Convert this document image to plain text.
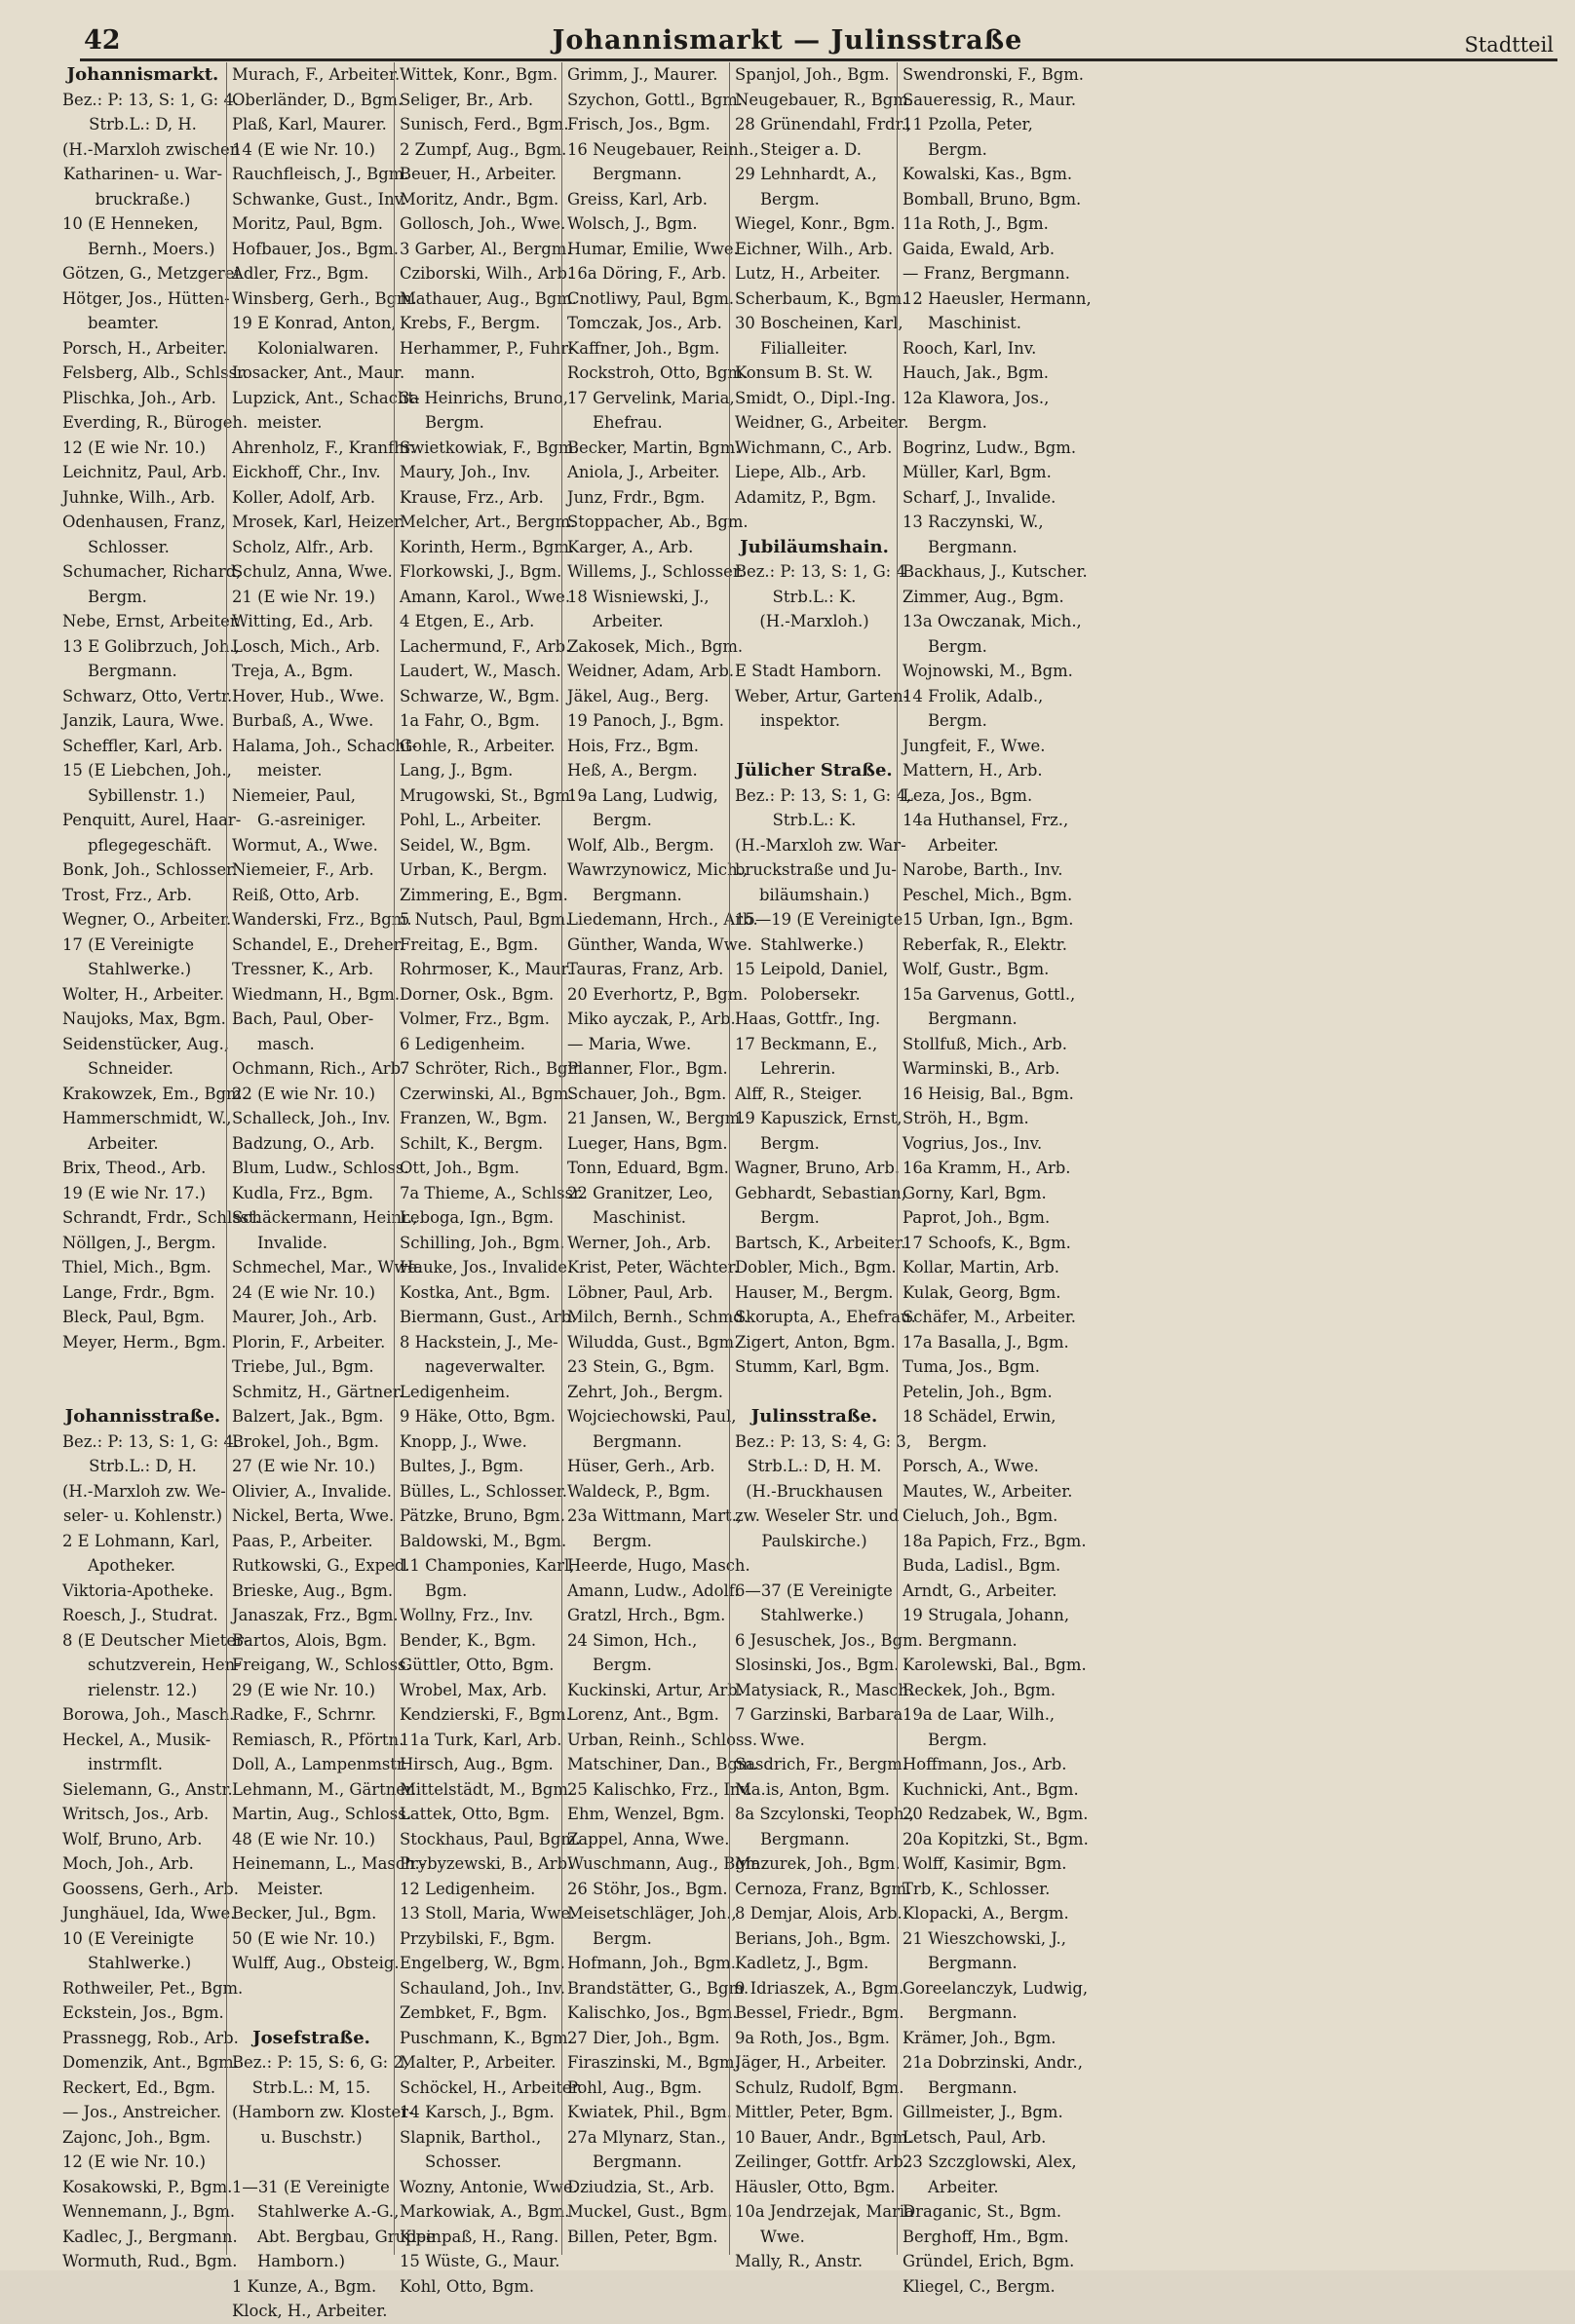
42	Johannismarkt — Julinsstraße	Stadtteil
Johannismarkt.
Bez.: P: 13, S: 1, G: 4.
Strb.L.: D, H.
(H.-Marxloh zwischen
Katharinen- u. War-
bruckraße.)
10 (E Henneken,
Bernh., Moers.)
Götzen, G., Metzgerei
Hötger, Jos., Hütten-
beamter.
Porsch, H., Arbeiter.
Felsberg, Alb., Schlssr.
Plischka, Joh., Arb.
Everding, R., Bürogeh.
12 (E wie Nr. 10.)
Leichnitz, Paul, Arb.
Juhnke, Wilh., Arb.
Odenhausen, Franz,
Schlosser.
Schumacher, Richard,
Bergm.
Nebe, Ernst, Arbeiter.
13 E Golibrzuch, Joh.,
Bergmann.
Schwarz, Otto, Vertr.
Janzik, Laura, Wwe.
Scheffler, Karl, Arb.
15 (E Liebchen, Joh.,
Sybillenstr. 1.)
Penquitt, Aurel, Haar-
pflegegeschäft.
Bonk, Joh., Schlosser.
Trost, Frz., Arb.
Wegner, O., Arbeiter.
17 (E Vereinigte
Stahlwerke.)
Wolter, H., Arbeiter.
Naujoks, Max, Bgm.
Seidenstücker, Aug.,
Schneider.
Krakowzek, Em., Bgm.
Hammerschmidt, W.,
Arbeiter.
Brix, Theod., Arb.
19 (E wie Nr. 17.)
Schrandt, Frdr., Schlsst.
Nöllgen, J., Bergm.
Thiel, Mich., Bgm.
Lange, Frdr., Bgm.
Bleck, Paul, Bgm.
Meyer, Herm., Bgm.
Johannisstraße.
Bez.: P: 13, S: 1, G: 4.
Strb.L.: D, H.
(H.-Marxloh zw. We-
seler- u. Kohlenstr.)
2 E Lohmann, Karl,
Apotheker.
Viktoria-Apotheke.
Roesch, J., Studrat.
8 (E Deutscher Mieter-
schutzverein, Hen-
rielenstr. 12.)
Borowa, Joh., Masch.
Heckel, A., Musik-
instrmflt.
Sielemann, G., Anstr.
Writsch, Jos., Arb.
Wolf, Bruno, Arb.
Moch, Joh., Arb.
Goossens, Gerh., Arb.
Junghäuel, Ida, Wwe.
10 (E Vereinigte
Stahlwerke.)
Rothweiler, Pet., Bgm.
Eckstein, Jos., Bgm.
Prassnegg, Rob., Arb.
Domenzik, Ant., Bgm.
Reckert, Ed., Bgm.
— Jos., Anstreicher.
Zajonc, Joh., Bgm.
12 (E wie Nr. 10.)
Kosakowski, P., Bgm.
Wennemann, J., Bgm.
Kadlec, J., Bergmann.
Wormuth, Rud., Bgm.
Murach, F., Arbeiter.
Oberländer, D., Bgm.
Plaß, Karl, Maurer.
14 (E wie Nr. 10.)
Rauchfleisch, J., Bgm.
Schwanke, Gust., Inv.
Moritz, Paul, Bgm.
Hofbauer, Jos., Bgm.
Adler, Frz., Bgm.
Winsberg, Gerh., Bgm.
19 E Konrad, Anton,
Kolonialwaren.
Losacker, Ant., Maur.
Lupzick, Ant., Schacht-
meister.
Ahrenholz, F., Kranfhr.
Eickhoff, Chr., Inv.
Koller, Adolf, Arb.
Mrosek, Karl, Heizer.
Scholz, Alfr., Arb.
Schulz, Anna, Wwe.
21 (E wie Nr. 19.)
Witting, Ed., Arb.
Losch, Mich., Arb.
Treja, A., Bgm.
Hover, Hub., Wwe.
Burbaß, A., Wwe.
Halama, Joh., Schacht-
meister.
Niemeier, Paul,
G.-asreiniger.
Wormut, A., Wwe.
Niemeier, F., Arb.
Reiß, Otto, Arb.
Wanderski, Frz., Bgm.
Schandel, E., Dreher.
Tressner, K., Arb.
Wiedmann, H., Bgm.
Bach, Paul, Ober-
masch.
Ochmann, Rich., Arb.
22 (E wie Nr. 10.)
Schalleck, Joh., Inv.
Badzung, O., Arb.
Blum, Ludw., Schloss.
Kudla, Frz., Bgm.
Schäckermann, Heinr.,
Invalide.
Schmechel, Mar., Wwe.
24 (E wie Nr. 10.)
Maurer, Joh., Arb.
Plorin, F., Arbeiter.
Triebe, Jul., Bgm.
Schmitz, H., Gärtner.
Balzert, Jak., Bgm.
Brokel, Joh., Bgm.
27 (E wie Nr. 10.)
Olivier, A., Invalide.
Nickel, Berta, Wwe.
Paas, P., Arbeiter.
Rutkowski, G., Exped.
Brieske, Aug., Bgm.
Janaszak, Frz., Bgm.
Bartos, Alois, Bgm.
Freigang, W., Schloss.
29 (E wie Nr. 10.)
Radke, F., Schrnr.
Remiasch, R., Pförtn.
Doll, A., Lampenmstr.
Lehmann, M., Gärtner.
Martin, Aug., Schloss.
48 (E wie Nr. 10.)
Heinemann, L., Masch.-
Meister.
Becker, Jul., Bgm.
50 (E wie Nr. 10.)
Wulff, Aug., Obsteig.
Josefstraße.
Bez.: P: 15, S: 6, G: 2,
Strb.L.: M, 15.
(Hamborn zw. Kloster-
u. Buschstr.)
1—31 (E Vereinigte
Stahlwerke A.-G.,
Abt. Bergbau, Gruppe
Hamborn.)
1 Kunze, A., Bgm.
Klock, H., Arbeiter.
Wittek, Konr., Bgm.
Seliger, Br., Arb.
Sunisch, Ferd., Bgm.
2 Zumpf, Aug., Bgm.
Beuer, H., Arbeiter.
Moritz, Andr., Bgm.
Gollosch, Joh., Wwe.
3 Garber, Al., Bergm.
Cziborski, Wilh., Arb.
Mathauer, Aug., Bgm.
Krebs, F., Bergm.
Herhammer, P., Fuhr-
mann.
3a Heinrichs, Bruno,
Bergm.
Swietkowiak, F., Bgm.
Maury, Joh., Inv.
Krause, Frz., Arb.
Melcher, Art., Bergm.
Korinth, Herm., Bgm.
Florkowski, J., Bgm.
Amann, Karol., Wwe.
4 Etgen, E., Arb.
Lachermund, F., Arb.
Laudert, W., Masch.
Schwarze, W., Bgm.
1a Fahr, O., Bgm.
Gohle, R., Arbeiter.
Lang, J., Bgm.
Mrugowski, St., Bgm.
Pohl, L., Arbeiter.
Seidel, W., Bgm.
Urban, K., Bergm.
Zimmering, E., Bgm.
5 Nutsch, Paul, Bgm.
Freitag, E., Bgm.
Rohrmoser, K., Maur.
Dorner, Osk., Bgm.
Volmer, Frz., Bgm.
6 Ledigenheim.
7 Schröter, Rich., Bgm.
Czerwinski, Al., Bgm.
Franzen, W., Bgm.
Schilt, K., Bergm.
Ott, Joh., Bgm.
7a Thieme, A., Schlssr.
Leboga, Ign., Bgm.
Schilling, Joh., Bgm.
Hauke, Jos., Invalide.
Kostka, Ant., Bgm.
Biermann, Gust., Arb.
8 Hackstein, J., Me-
nageverwalter.
Ledigenheim.
9 Häke, Otto, Bgm.
Knopp, J., Wwe.
Bultes, J., Bgm.
Bülles, L., Schlosser.
Pätzke, Bruno, Bgm.
Baldowski, M., Bgm.
11 Champonies, Karl,
Bgm.
Wollny, Frz., Inv.
Bender, K., Bgm.
Güttler, Otto, Bgm.
Wrobel, Max, Arb.
Kendzierski, F., Bgm.
11a Turk, Karl, Arb.
Hirsch, Aug., Bgm.
Mittelstädt, M., Bgm.
Lattek, Otto, Bgm.
Stockhaus, Paul, Bgm.
Prybyzewski, B., Arb.
12 Ledigenheim.
13 Stoll, Maria, Wwe.
Przybilski, F., Bgm.
Engelberg, W., Bgm.
Schauland, Joh., Inv.
Zembket, F., Bgm.
Puschmann, K., Bgm.
Malter, P., Arbeiter.
Schöckel, H., Arbeiter.
14 Karsch, J., Bgm.
Slapnik, Barthol.,
Schosser.
Wozny, Antonie, Wwe.
Markowiak, A., Bgm.
Kleinpaß, H., Rang.
15 Wüste, G., Maur.
Kohl, Otto, Bgm.
Grimm, J., Maurer.
Szychon, Gottl., Bgm.
Frisch, Jos., Bgm.
16 Neugebauer, Reinh.,
Bergmann.
Greiss, Karl, Arb.
Wolsch, J., Bgm.
Humar, Emilie, Wwe.
16a Döring, F., Arb.
Cnotliwy, Paul, Bgm.
Tomczak, Jos., Arb.
Kaffner, Joh., Bgm.
Rockstroh, Otto, Bgm.
17 Gervelink, Maria,
Ehefrau.
Becker, Martin, Bgm.
Aniola, J., Arbeiter.
Junz, Frdr., Bgm.
Stoppacher, Ab., Bgm.
Karger, A., Arb.
Willems, J., Schlosser.
18 Wisniewski, J.,
Arbeiter.
Zakosek, Mich., Bgm.
Weidner, Adam, Arb.
Jäkel, Aug., Berg.
19 Panoch, J., Bgm.
Hois, Frz., Bgm.
Heß, A., Bergm.
19a Lang, Ludwig,
Bergm.
Wolf, Alb., Bergm.
Wawrzynowicz, Mich.,
Bergmann.
Liedemann, Hrch., Arb.
Günther, Wanda, Wwe.
Tauras, Franz, Arb.
20 Everhortz, P., Bgm.
Miko ayczak, P., Arb.
— Maria, Wwe.
Planner, Flor., Bgm.
Schauer, Joh., Bgm.
21 Jansen, W., Bergm.
Lueger, Hans, Bgm.
Tonn, Eduard, Bgm.
22 Granitzer, Leo,
Maschinist.
Werner, Joh., Arb.
Krist, Peter, Wächter.
Löbner, Paul, Arb.
Milch, Bernh., Schmd.
Wiludda, Gust., Bgm.
23 Stein, G., Bgm.
Zehrt, Joh., Bergm.
Wojciechowski, Paul,
Bergmann.
Hüser, Gerh., Arb.
Waldeck, P., Bgm.
23a Wittmann, Mart.,
Bergm.
Heerde, Hugo, Masch.
Amann, Ludw., Adolf.
Gratzl, Hrch., Bgm.
24 Simon, Hch.,
Bergm.
Kuckinski, Artur, Arb.
Lorenz, Ant., Bgm.
Urban, Reinh., Schloss.
Matschiner, Dan., Bgm.
25 Kalischko, Frz., Inv.
Ehm, Wenzel, Bgm.
Zappel, Anna, Wwe.
Wuschmann, Aug., Bgm.
26 Stöhr, Jos., Bgm.
Meisetschläger, Joh.,
Bergm.
Hofmann, Joh., Bgm.
Brandstätter, G., Bgm.
Kalischko, Jos., Bgm.
27 Dier, Joh., Bgm.
Firaszinski, M., Bgm.
Pohl, Aug., Bgm.
Kwiatek, Phil., Bgm.
27a Mlynarz, Stan.,
Bergmann.
Dziudzia, St., Arb.
Muckel, Gust., Bgm.
Billen, Peter, Bgm.
Spanjol, Joh., Bgm.
Neugebauer, R., Bgm.
28 Grünendahl, Frdr.,
Steiger a. D.
29 Lehnhardt, A.,
Bergm.
Wiegel, Konr., Bgm.
Eichner, Wilh., Arb.
Lutz, H., Arbeiter.
Scherbaum, K., Bgm.
30 Boscheinen, Karl,
Filialleiter.
Konsum B. St. W.
Smidt, O., Dipl.-Ing.
Weidner, G., Arbeiter.
Wichmann, C., Arb.
Liepe, Alb., Arb.
Adamitz, P., Bgm.
Jubiläumshain.
Bez.: P: 13, S: 1, G: 4
Strb.L.: K.
(H.-Marxloh.)
E Stadt Hamborn.
Weber, Artur, Garten-
inspektor.
Jülicher Straße.
Bez.: P: 13, S: 1, G: 4,
Strb.L.: K.
(H.-Marxloh zw. War-
bruckstraße und Ju-
biläumshain.)
15—19 (E Vereinigte
Stahlwerke.)
15 Leipold, Daniel,
Polobersekr.
Haas, Gottfr., Ing.
17 Beckmann, E.,
Lehrerin.
Alff, R., Steiger.
19 Kapuszick, Ernst,
Bergm.
Wagner, Bruno, Arb.
Gebhardt, Sebastian,
Bergm.
Bartsch, K., Arbeiter.
Dobler, Mich., Bgm.
Hauser, M., Bergm.
Skorupta, A., Ehefrau.
Zigert, Anton, Bgm.
Stumm, Karl, Bgm.
Julinsstraße.
Bez.: P: 13, S: 4, G: 3,
Strb.L.: D, H. M.
(H.-Bruckhausen
zw. Weseler Str. und
Paulskirche.)
6—37 (E Vereinigte
Stahlwerke.)
6 Jesuschek, Jos., Bgm.
Slosinski, Jos., Bgm.
Matysiack, R., Masch.
7 Garzinski, Barbara
Wwe.
Sasdrich, Fr., Bergm.
Ma.is, Anton, Bgm.
8a Szcylonski, Teoph.,
Bergmann.
Mazurek, Joh., Bgm.
Cernoza, Franz, Bgm.
8 Demjar, Alois, Arb.
Berians, Joh., Bgm.
Kadletz, J., Bgm.
9 Idriaszek, A., Bgm.
Bessel, Friedr., Bgm.
9a Roth, Jos., Bgm.
Jäger, H., Arbeiter.
Schulz, Rudolf, Bgm.
Mittler, Peter, Bgm.
10 Bauer, Andr., Bgm.
Zeilinger, Gottfr. Arb.
Häusler, Otto, Bgm.
10a Jendrzejak, Maria
Wwe.
Mally, R., Anstr.
Swendronski, F., Bgm.
Saueressig, R., Maur.
11 Pzolla, Peter,
Bergm.
Kowalski, Kas., Bgm.
Bomball, Bruno, Bgm.
11a Roth, J., Bgm.
Gaida, Ewald, Arb.
— Franz, Bergmann.
12 Haeusler, Hermann,
Maschinist.
Rooch, Karl, Inv.
Hauch, Jak., Bgm.
12a Klawora, Jos.,
Bergm.
Bogrinz, Ludw., Bgm.
Müller, Karl, Bgm.
Scharf, J., Invalide.
13 Raczynski, W.,
Bergmann.
Backhaus, J., Kutscher.
Zimmer, Aug., Bgm.
13a Owczanak, Mich.,
Bergm.
Wojnowski, M., Bgm.
14 Frolik, Adalb.,
Bergm.
Jungfeit, F., Wwe.
Mattern, H., Arb.
Leza, Jos., Bgm.
14a Huthansel, Frz.,
Arbeiter.
Narobe, Barth., Inv.
Peschel, Mich., Bgm.
15 Urban, Ign., Bgm.
Reberfak, R., Elektr.
Wolf, Gustr., Bgm.
15a Garvenus, Gottl.,
Bergmann.
Stollfuß, Mich., Arb.
Warminski, B., Arb.
16 Heisig, Bal., Bgm.
Ströh, H., Bgm.
Vogrius, Jos., Inv.
16a Kramm, H., Arb.
Gorny, Karl, Bgm.
Paprot, Joh., Bgm.
17 Schoofs, K., Bgm.
Kollar, Martin, Arb.
Kulak, Georg, Bgm.
Schäfer, M., Arbeiter.
17a Basalla, J., Bgm.
Tuma, Jos., Bgm.
Petelin, Joh., Bgm.
18 Schädel, Erwin,
Bergm.
Porsch, A., Wwe.
Mautes, W., Arbeiter.
Cieluch, Joh., Bgm.
18a Papich, Frz., Bgm.
Buda, Ladisl., Bgm.
Arndt, G., Arbeiter.
19 Strugala, Johann,
Bergmann.
Karolewski, Bal., Bgm.
Reckek, Joh., Bgm.
19a de Laar, Wilh.,
Bergm.
Hoffmann, Jos., Arb.
Kuchnicki, Ant., Bgm.
20 Redzabek, W., Bgm.
20a Kopitzki, St., Bgm.
Wolff, Kasimir, Bgm.
Trb, K., Schlosser.
Klopacki, A., Bergm.
21 Wieszchowski, J.,
Bergmann.
Goreelanczyk, Ludwig,
Bergmann.
Krämer, Joh., Bgm.
21a Dobrzinski, Andr.,
Bergmann.
Gillmeister, J., Bgm.
Letsch, Paul, Arb.
23 Szczglowski, Alex,
Arbeiter.
Draganic, St., Bgm.
Berghoff, Hm., Bgm.
Gründel, Erich, Bgm.
Kliegel, C., Bergm.
